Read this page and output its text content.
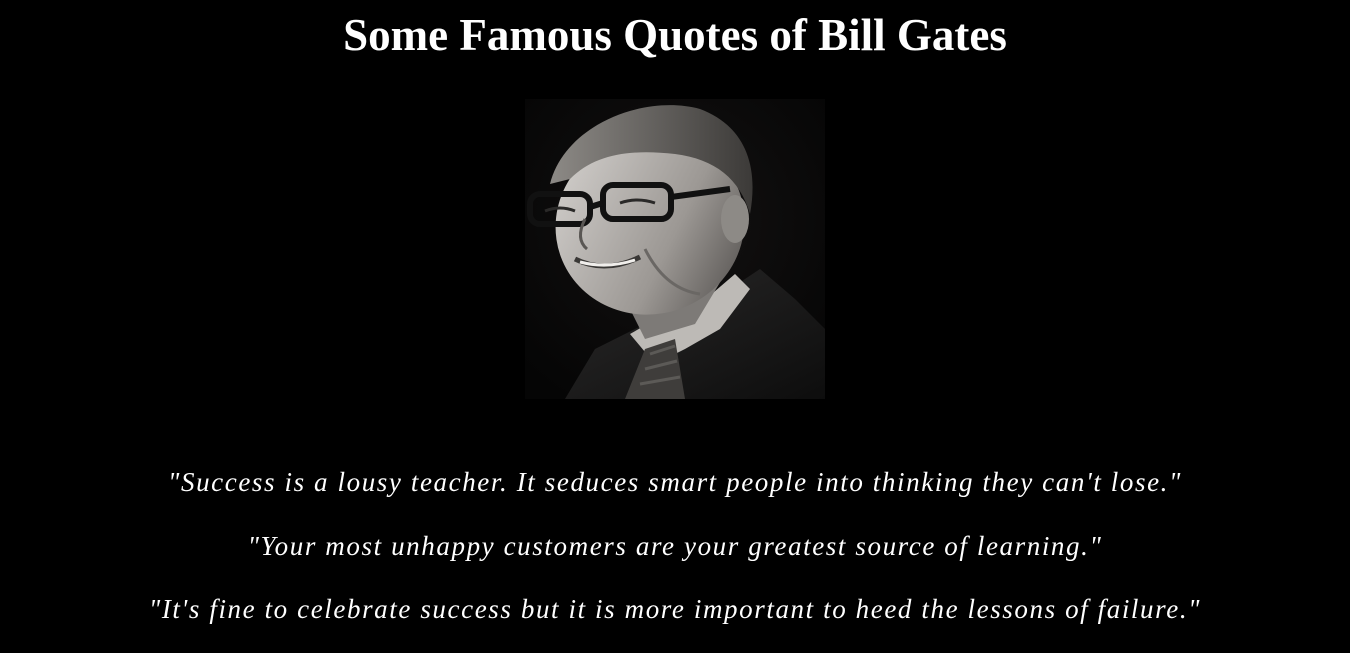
Some Famous Quotes of Bill Gates

"Success is a lousy teacher. It seduces smart people into thinking they can't lose."

"Your most unhappy customers are your greatest source of learning."

"It's fine to celebrate success but it is more important to heed the lessons of failure."
